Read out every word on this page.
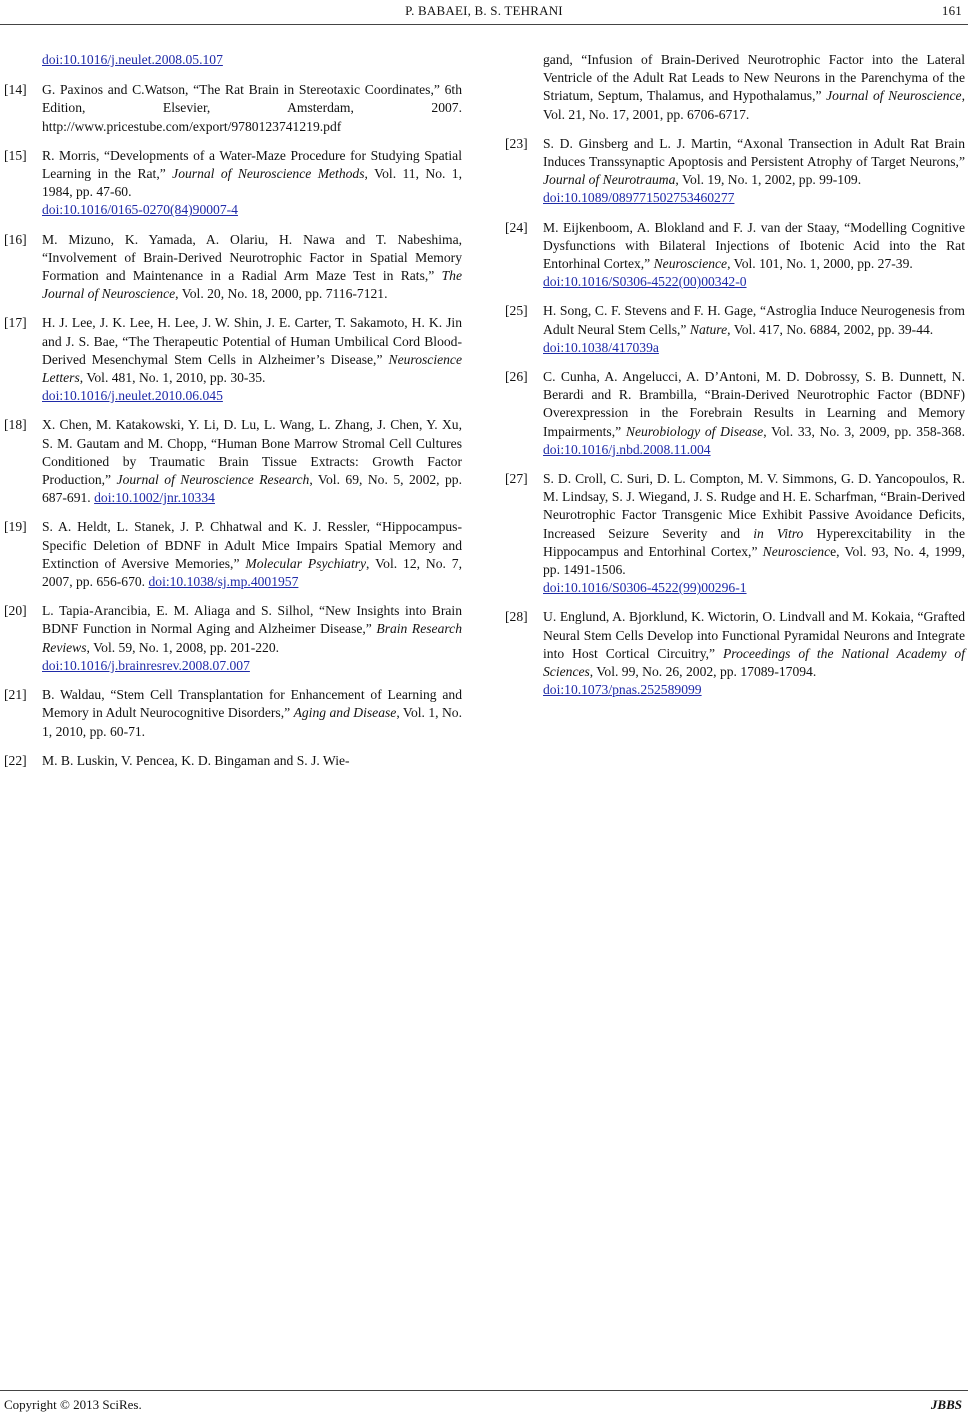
P. BABAEI, B. S. TEHRANI	161
doi:10.1016/j.neulet.2008.05.107
[14] G. Paxinos and C.Watson, “The Rat Brain in Stereotaxic Coordinates,” 6th Edition, Elsevier, Amsterdam, 2007. http://www.pricestube.com/export/9780123741219.pdf
[15] R. Morris, “Developments of a Water-Maze Procedure for Studying Spatial Learning in the Rat,” Journal of Neuroscience Methods, Vol. 11, No. 1, 1984, pp. 47-60.
doi:10.1016/0165-0270(84)90007-4
[16] M. Mizuno, K. Yamada, A. Olariu, H. Nawa and T. Nabeshima, “Involvement of Brain-Derived Neurotrophic Factor in Spatial Memory Formation and Maintenance in a Radial Arm Maze Test in Rats,” The Journal of Neuroscience, Vol. 20, No. 18, 2000, pp. 7116-7121.
[17] H. J. Lee, J. K. Lee, H. Lee, J. W. Shin, J. E. Carter, T. Sakamoto, H. K. Jin and J. S. Bae, “The Therapeutic Potential of Human Umbilical Cord Blood-Derived Mesenchymal Stem Cells in Alzheimer’s Disease,” Neuroscience Letters, Vol. 481, No. 1, 2010, pp. 30-35.
doi:10.1016/j.neulet.2010.06.045
[18] X. Chen, M. Katakowski, Y. Li, D. Lu, L. Wang, L. Zhang, J. Chen, Y. Xu, S. M. Gautam and M. Chopp, “Human Bone Marrow Stromal Cell Cultures Conditioned by Traumatic Brain Tissue Extracts: Growth Factor Production,” Journal of Neuroscience Research, Vol. 69, No. 5, 2002, pp. 687-691. doi:10.1002/jnr.10334
[19] S. A. Heldt, L. Stanek, J. P. Chhatwal and K. J. Ressler, “Hippocampus-Specific Deletion of BDNF in Adult Mice Impairs Spatial Memory and Extinction of Aversive Memories,” Molecular Psychiatry, Vol. 12, No. 7, 2007, pp. 656-670. doi:10.1038/sj.mp.4001957
[20] L. Tapia-Arancibia, E. M. Aliaga and S. Silhol, “New Insights into Brain BDNF Function in Normal Aging and Alzheimer Disease,” Brain Research Reviews, Vol. 59, No. 1, 2008, pp. 201-220.
doi:10.1016/j.brainresrev.2008.07.007
[21] B. Waldau, “Stem Cell Transplantation for Enhancement of Learning and Memory in Adult Neurocognitive Disorders,” Aging and Disease, Vol. 1, No. 1, 2010, pp. 60-71.
[22] M. B. Luskin, V. Pencea, K. D. Bingaman and S. J. Wie-
gand, “Infusion of Brain-Derived Neurotrophic Factor into the Lateral Ventricle of the Adult Rat Leads to New Neurons in the Parenchyma of the Striatum, Septum, Thalamus, and Hypothalamus,” Journal of Neuroscience, Vol. 21, No. 17, 2001, pp. 6706-6717.
[23] S. D. Ginsberg and L. J. Martin, “Axonal Transection in Adult Rat Brain Induces Transsynaptic Apoptosis and Persistent Atrophy of Target Neurons,” Journal of Neurotrauma, Vol. 19, No. 1, 2002, pp. 99-109.
doi:10.1089/089771502753460277
[24] M. Eijkenboom, A. Blokland and F. J. van der Staay, “Modelling Cognitive Dysfunctions with Bilateral Injections of Ibotenic Acid into the Rat Entorhinal Cortex,” Neuroscience, Vol. 101, No. 1, 2000, pp. 27-39.
doi:10.1016/S0306-4522(00)00342-0
[25] H. Song, C. F. Stevens and F. H. Gage, “Astroglia Induce Neurogenesis from Adult Neural Stem Cells,” Nature, Vol. 417, No. 6884, 2002, pp. 39-44.
doi:10.1038/417039a
[26] C. Cunha, A. Angelucci, A. D’Antoni, M. D. Dobrossy, S. B. Dunnett, N. Berardi and R. Brambilla, “Brain-Derived Neurotrophic Factor (BDNF) Overexpression in the Forebrain Results in Learning and Memory Impairments,” Neurobiology of Disease, Vol. 33, No. 3, 2009, pp. 358-368. doi:10.1016/j.nbd.2008.11.004
[27] S. D. Croll, C. Suri, D. L. Compton, M. V. Simmons, G. D. Yancopoulos, R. M. Lindsay, S. J. Wiegand, J. S. Rudge and H. E. Scharfman, “Brain-Derived Neurotrophic Factor Transgenic Mice Exhibit Passive Avoidance Deficits, Increased Seizure Severity and in Vitro Hyperexcitability in the Hippocampus and Entorhinal Cortex,” Neuroscience, Vol. 93, No. 4, 1999, pp. 1491-1506.
doi:10.1016/S0306-4522(99)00296-1
[28] U. Englund, A. Bjorklund, K. Wictorin, O. Lindvall and M. Kokaia, “Grafted Neural Stem Cells Develop into Functional Pyramidal Neurons and Integrate into Host Cortical Circuitry,” Proceedings of the National Academy of Sciences, Vol. 99, No. 26, 2002, pp. 17089-17094.
doi:10.1073/pnas.252589099
Copyright © 2013 SciRes.	JBBS
